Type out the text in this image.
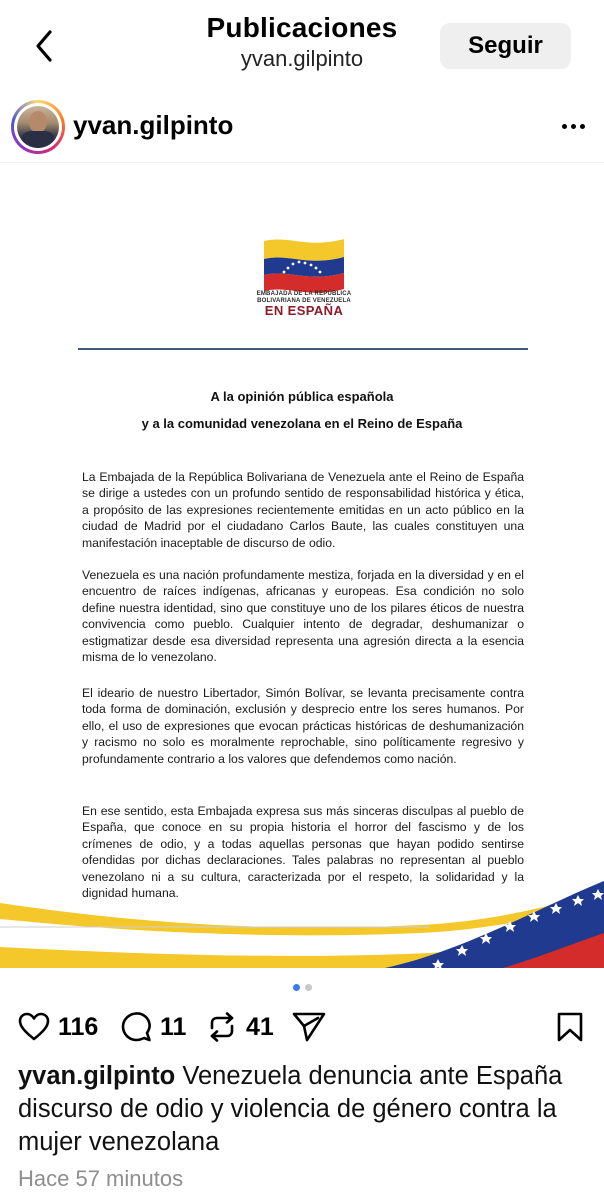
Publicaciones
yvan.gilpinto	Seguir
yvan.gilpinto
EMBAJADA DE LA REPÚBLICA
BOLIVARIANA DE VENEZUELA
EN ESPAÑA
A la opinión pública española
y a la comunidad venezolana en el Reino de España

La Embajada de la República Bolivariana de Venezuela ante el Reino de España se dirige a ustedes con un profundo sentido de responsabilidad histórica y ética, a propósito de las expresiones recientemente emitidas en un acto público en la ciudad de Madrid por el ciudadano Carlos Baute, las cuales constituyen una manifestación inaceptable de discurso de odio.

Venezuela es una nación profundamente mestiza, forjada en la diversidad y en el encuentro de raíces indígenas, africanas y europeas. Esa condición no solo define nuestra identidad, sino que constituye uno de los pilares éticos de nuestra convivencia como pueblo. Cualquier intento de degradar, deshumanizar o estigmatizar desde esa diversidad representa una agresión directa a la esencia misma de lo venezolano.

El ideario de nuestro Libertador, Simón Bolívar, se levanta precisamente contra toda forma de dominación, exclusión y desprecio entre los seres humanos. Por ello, el uso de expresiones que evocan prácticas históricas de deshumanización y racismo no solo es moralmente reprochable, sino políticamente regresivo y profundamente contrario a los valores que defendemos como nación.

En ese sentido, esta Embajada expresa sus más sinceras disculpas al pueblo de España, que conoce en su propia historia el horror del fascismo y de los crímenes de odio, y a todas aquellas personas que hayan podido sentirse ofendidas por dichas declaraciones. Tales palabras no representan al pueblo venezolano ni a su cultura, caracterizada por el respeto, la solidaridad y la dignidad humana.

116 11 41
yvan.gilpinto Venezuela denuncia ante España discurso de odio y violencia de género contra la mujer venezolana
Hace 57 minutos
